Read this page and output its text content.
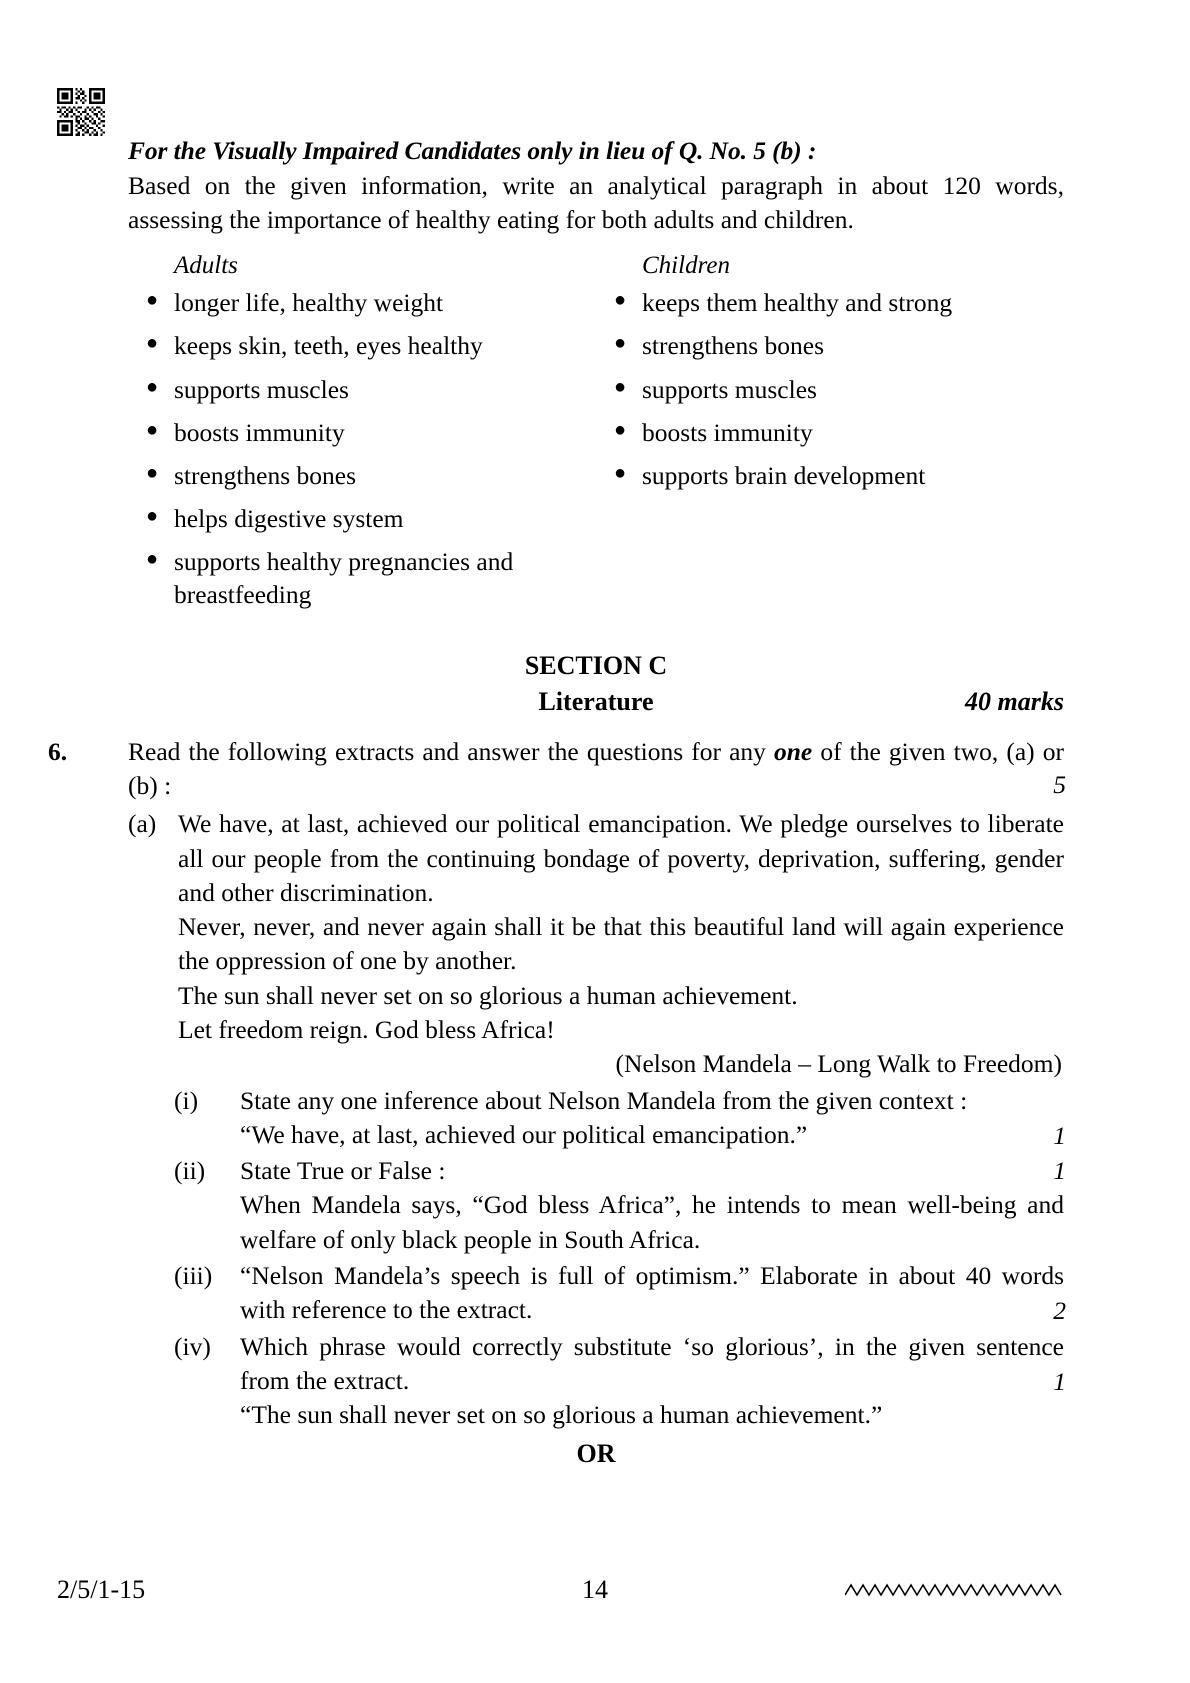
For the Visually Impaired Candidates only in lieu of Q. No. 5 (b) :

Based on the given information, write an analytical paragraph in about 120 words, assessing the importance of healthy eating for both adults and children.

Adults
● longer life, healthy weight
● keeps skin, teeth, eyes healthy
● supports muscles
● boosts immunity
● strengthens bones
● helps digestive system
● supports healthy pregnancies and breastfeeding
Children
● keeps them healthy and strong
● strengthens bones
● supports muscles
● boosts immunity
● supports brain development
SECTION C
Literature	40 marks
6. Read the following extracts and answer the questions for any one of the given two, (a) or (b) :	5
(a) We have, at last, achieved our political emancipation. We pledge ourselves to liberate all our people from the continuing bondage of poverty, deprivation, suffering, gender and other discrimination.

Never, never, and never again shall it be that this beautiful land will again experience the oppression of one by another.

The sun shall never set on so glorious a human achievement.

Let freedom reign. God bless Africa!

(Nelson Mandela – Long Walk to Freedom)

(i) State any one inference about Nelson Mandela from the given context :

“We have, at last, achieved our political emancipation.”	1
(ii) State True or False :

When Mandela says, “God bless Africa”, he intends to mean well-being and welfare of only black people in South Africa.

1
(iii) “Nelson Mandela’s speech is full of optimism.” Elaborate in about 40 words with reference to the extract.	2
(iv) Which phrase would correctly substitute ‘so glorious’, in the given sentence from the extract.

“The sun shall never set on so glorious a human achievement.”

1
OR
2/5/1-15	14
